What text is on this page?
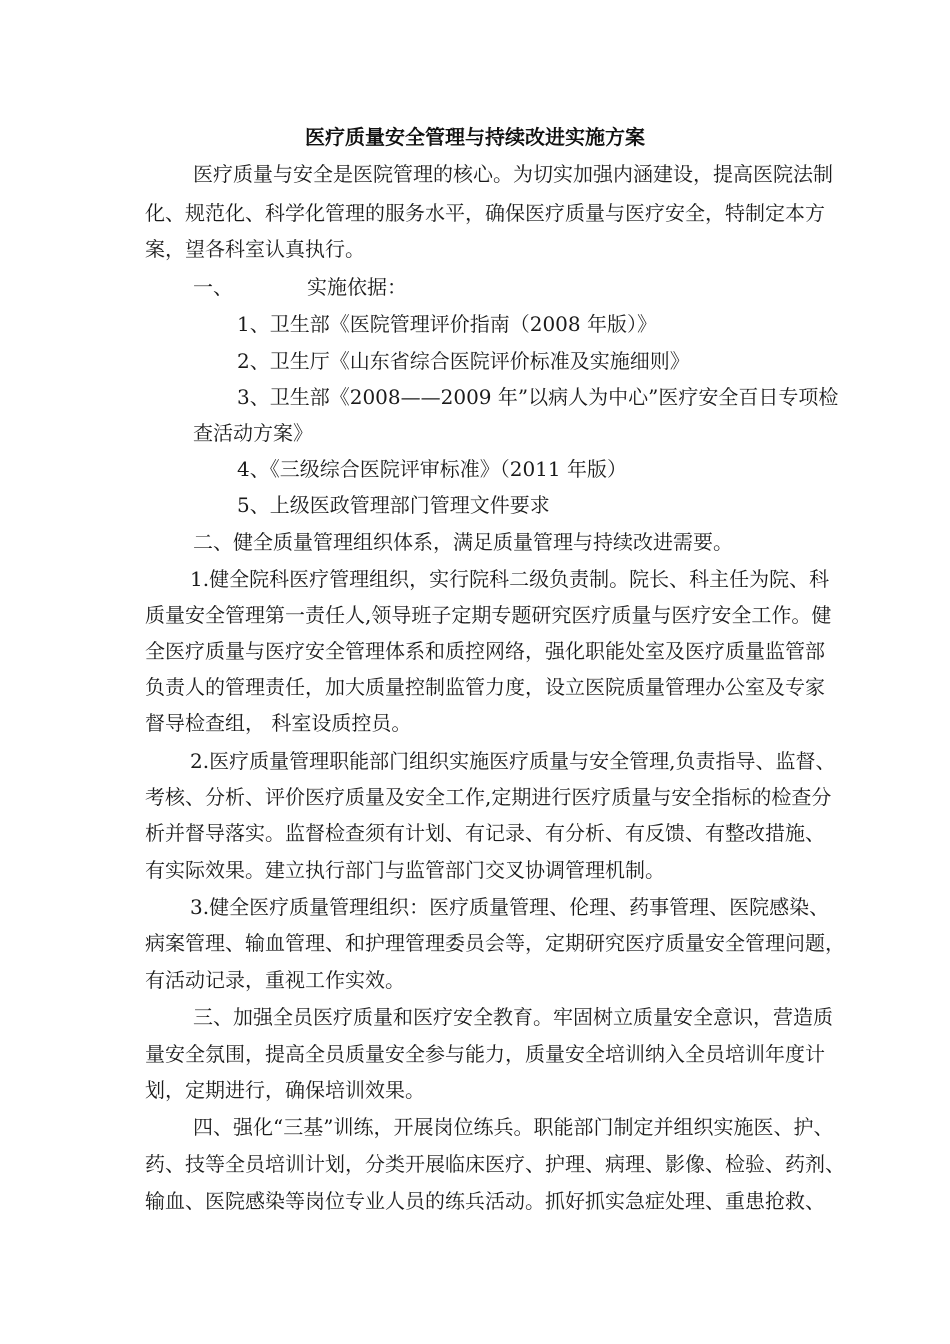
医疗质量安全管理与持续改进实施方案

医疗质量与安全是医院管理的核心。为切实加强内涵建设，提高医院法制

化、规范化、科学化管理的服务水平，确保医疗质量与医疗安全，特制定本方

案，望各科室认真执行。

一、	实施依据：

1、卫生部《医院管理评价指南（2008 年版）》

2、卫生厅《山东省综合医院评价标准及实施细则》

3、卫生部《2008——2009 年”以病人为中心”医疗安全百日专项检

查活动方案》

4、《三级综合医院评审标准》（2011 年版）

5、上级医政管理部门管理文件要求

二、健全质量管理组织体系，满足质量管理与持续改进需要。

1.健全院科医疗管理组织，实行院科二级负责制。院长、科主任为院、科

质量安全管理第一责任人,领导班子定期专题研究医疗质量与医疗安全工作。健

全医疗质量与医疗安全管理体系和质控网络，强化职能处室及医疗质量监管部

负责人的管理责任，加大质量控制监管力度，设立医院质量管理办公室及专家

督导检查组， 科室设质控员。

2.医疗质量管理职能部门组织实施医疗质量与安全管理,负责指导、监督、

考核、分析、评价医疗质量及安全工作,定期进行医疗质量与安全指标的检查分

析并督导落实。监督检查须有计划、有记录、有分析、有反馈、有整改措施、

有实际效果。建立执行部门与监管部门交叉协调管理机制。

3.健全医疗质量管理组织：医疗质量管理、伦理、药事管理、医院感染、

病案管理、输血管理、和护理管理委员会等，定期研究医疗质量安全管理问题，

有活动记录，重视工作实效。

三、加强全员医疗质量和医疗安全教育。牢固树立质量安全意识，营造质

量安全氛围，提高全员质量安全参与能力，质量安全培训纳入全员培训年度计

划，定期进行，确保培训效果。

四、强化“三基”训练，开展岗位练兵。职能部门制定并组织实施医、护、

药、技等全员培训计划，分类开展临床医疗、护理、病理、影像、检验、药剂、

输血、医院感染等岗位专业人员的练兵活动。抓好抓实急症处理、重患抢救、
